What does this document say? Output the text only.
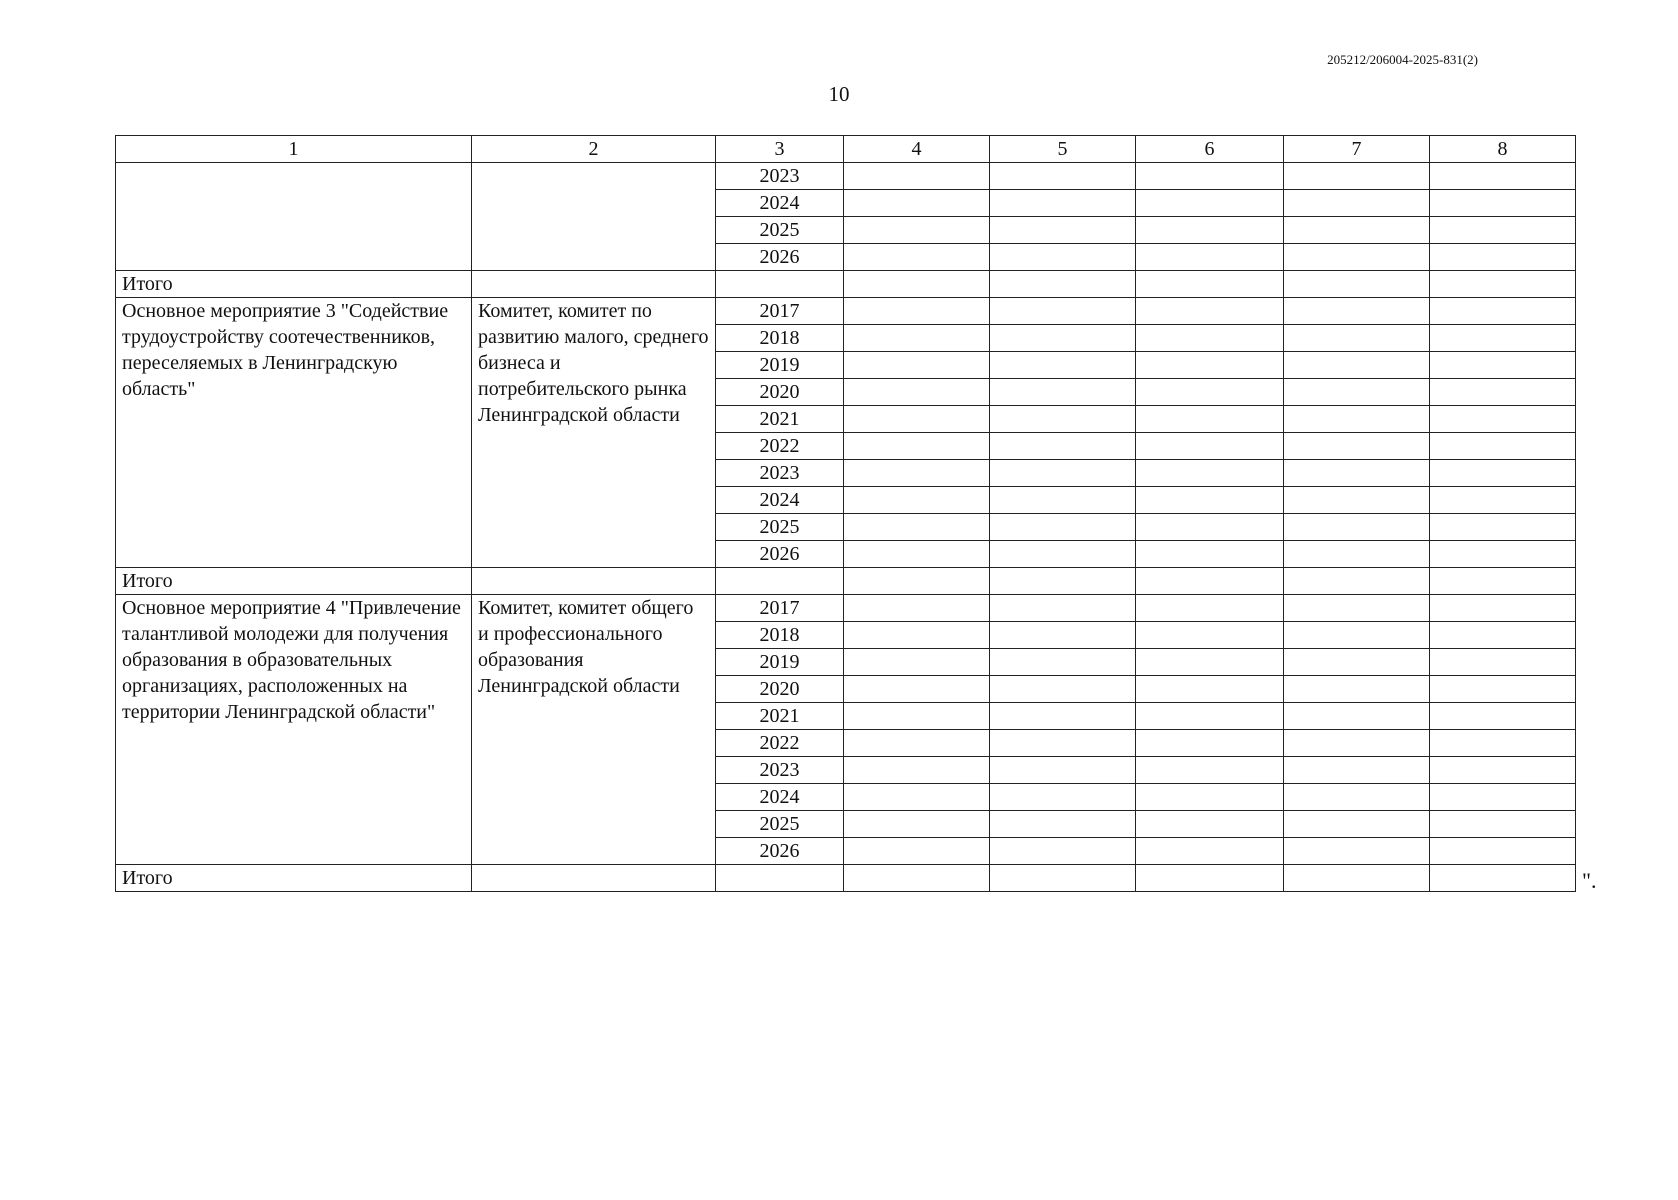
205212/206004-2025-831(2)
10
1	2	3	4	5	6	7	8
		2023					
		2024					
		2025					
		2026					
Итого							
Основное мероприятие 3 "Содействие трудоустройству соотечественников, переселяемых в Ленинградскую область"	Комитет, комитет по развитию малого, среднего бизнеса и потребительского рынка Ленинградской области	2017					
		2018					
		2019					
		2020					
		2021					
		2022					
		2023					
		2024					
		2025					
		2026					
Итого							
Основное мероприятие 4 "Привлечение талантливой молодежи для получения образования в образовательных организациях, расположенных на территории Ленинградской области"	Комитет, комитет общего и профессионального образования Ленинградской области	2017					
		2018					
		2019					
		2020					
		2021					
		2022					
		2023					
		2024					
		2025					
		2026					
Итого								".
